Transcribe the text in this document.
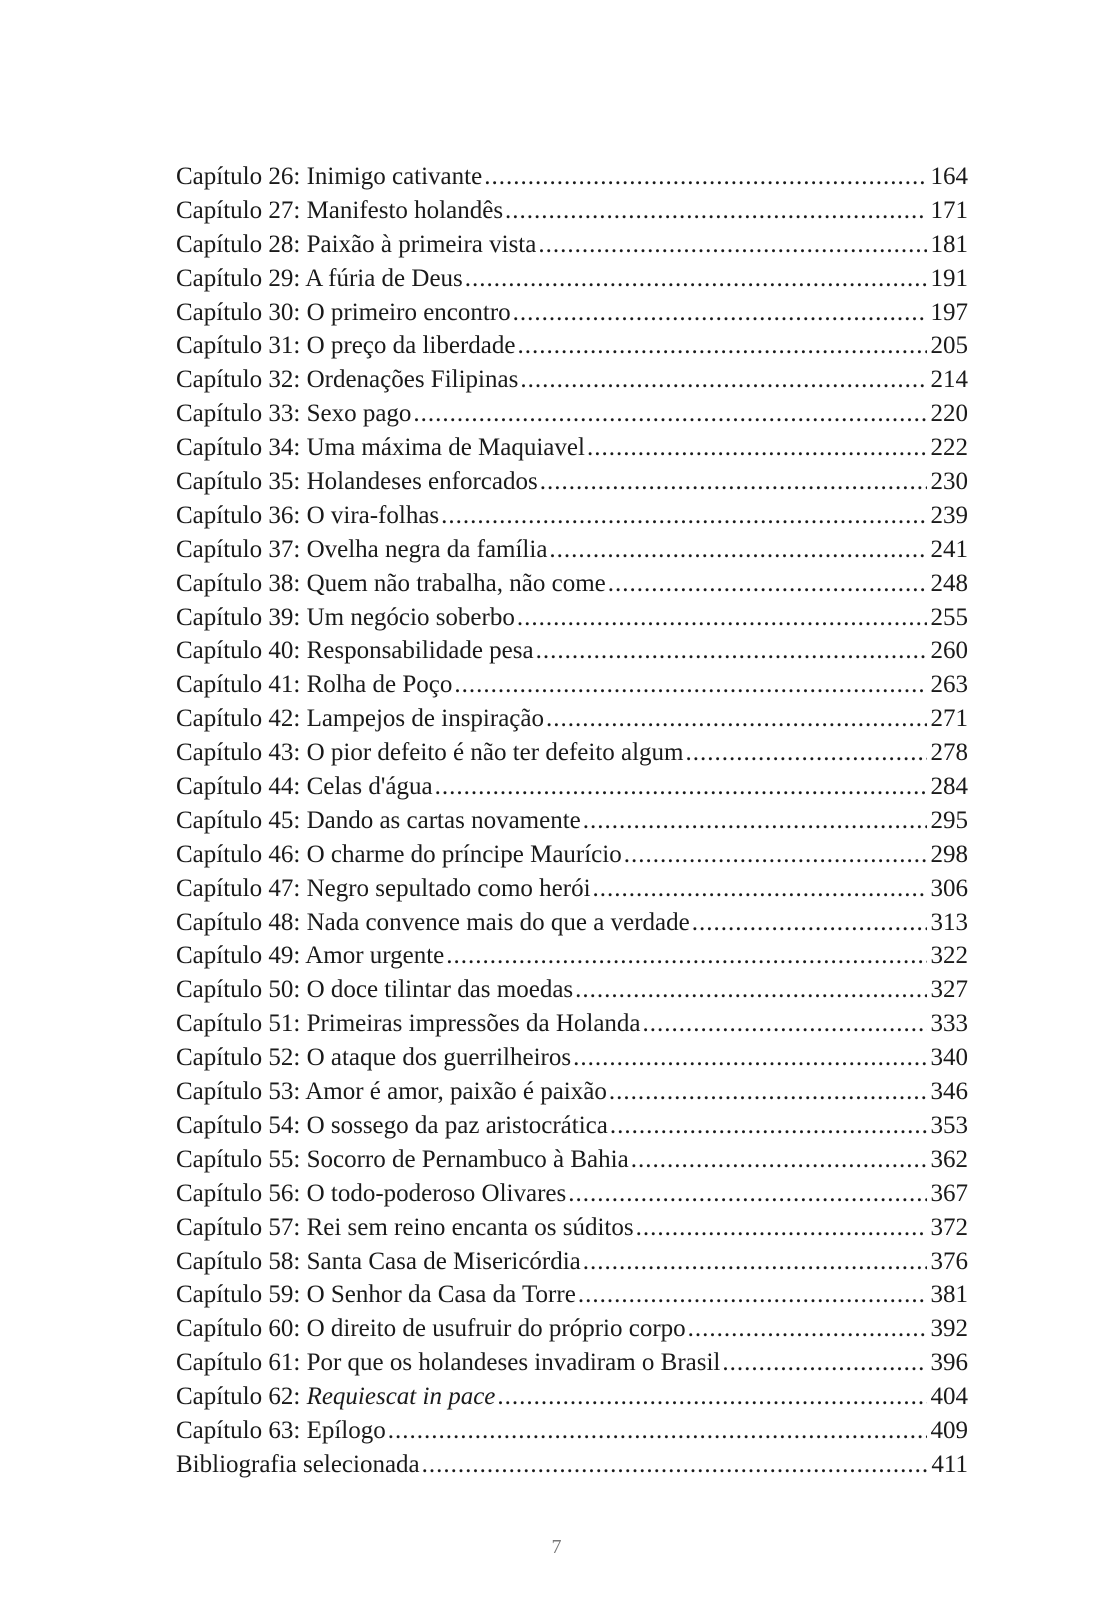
Capítulo 26: Inimigo cativante .....	164
Capítulo 27: Manifesto holandês .....	171
Capítulo 28: Paixão à primeira vista .....	181
Capítulo 29: A fúria de Deus .....	191
Capítulo 30: O primeiro encontro .....	197
Capítulo 31: O preço da liberdade .....	205
Capítulo 32: Ordenações Filipinas .....	214
Capítulo 33: Sexo pago .....	220
Capítulo 34: Uma máxima de Maquiavel .....	222
Capítulo 35: Holandeses enforcados .....	230
Capítulo 36: O vira-folhas .....	239
Capítulo 37: Ovelha negra da família .....	241
Capítulo 38: Quem não trabalha, não come .....	248
Capítulo 39: Um negócio soberbo .....	255
Capítulo 40: Responsabilidade pesa .....	260
Capítulo 41: Rolha de Poço .....	263
Capítulo 42: Lampejos de inspiração .....	271
Capítulo 43: O pior defeito é não ter defeito algum .....	278
Capítulo 44: Celas d'água .....	284
Capítulo 45: Dando as cartas novamente .....	295
Capítulo 46: O charme do príncipe Maurício .....	298
Capítulo 47: Negro sepultado como herói .....	306
Capítulo 48: Nada convence mais do que a verdade .....	313
Capítulo 49: Amor urgente .....	322
Capítulo 50: O doce tilintar das moedas .....	327
Capítulo 51: Primeiras impressões da Holanda .....	333
Capítulo 52: O ataque dos guerrilheiros .....	340
Capítulo 53: Amor é amor, paixão é paixão .....	346
Capítulo 54: O sossego da paz aristocrática .....	353
Capítulo 55: Socorro de Pernambuco à Bahia .....	362
Capítulo 56: O todo-poderoso Olivares .....	367
Capítulo 57: Rei sem reino encanta os súditos .....	372
Capítulo 58: Santa Casa de Misericórdia .....	376
Capítulo 59: O Senhor da Casa da Torre .....	381
Capítulo 60: O direito de usufruir do próprio corpo .....	392
Capítulo 61: Por que os holandeses invadiram o Brasil .....	396
Capítulo 62: Requiescat in pace .....	404
Capítulo 63: Epílogo .....	409
Bibliografia selecionada .....	411
7
